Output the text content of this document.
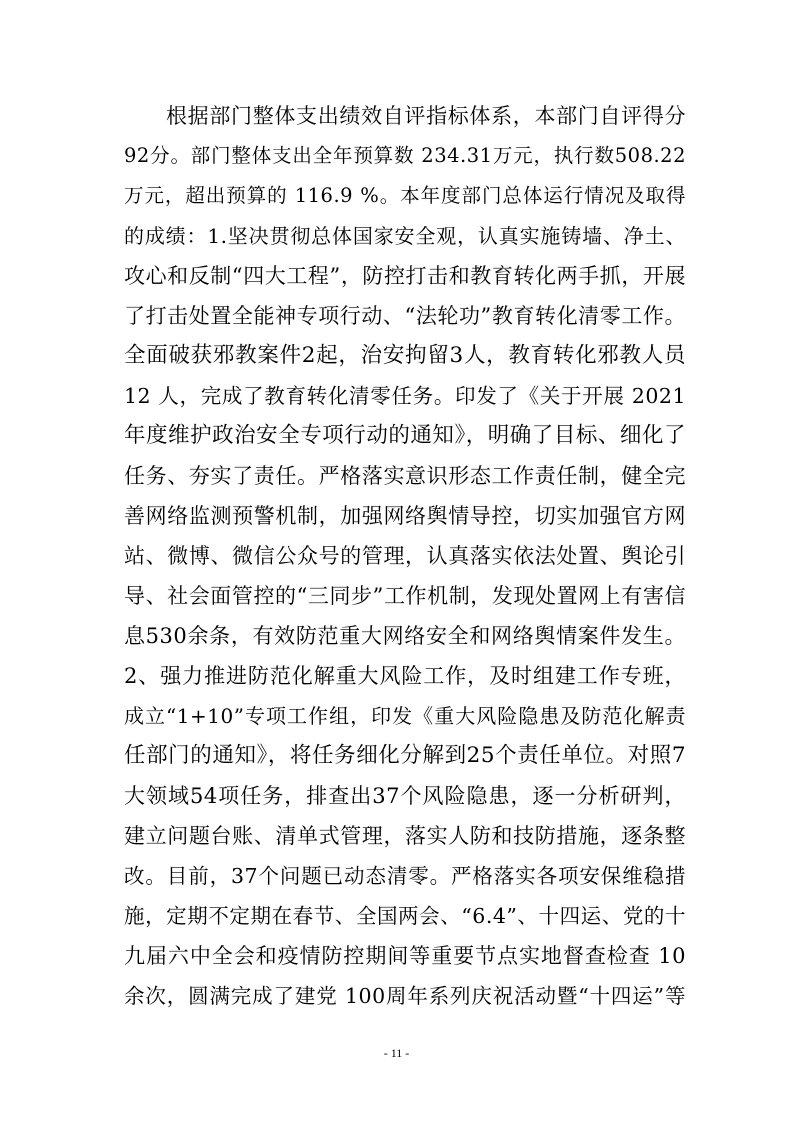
根据部门整体支出绩效自评指标体系，本部门自评得分
92分。部门整体支出全年预算数 234.31万元，执行数508.22
万元，超出预算的 116.9 %。本年度部门总体运行情况及取得
的成绩：1.坚决贯彻总体国家安全观，认真实施铸墙、净土、
攻心和反制“四大工程”，防控打击和教育转化两手抓，开展
了打击处置全能神专项行动、“法轮功”教育转化清零工作。
全面破获邪教案件2起，治安拘留3人，教育转化邪教人员
12 人，完成了教育转化清零任务。印发了《关于开展 2021
年度维护政治安全专项行动的通知》，明确了目标、细化了
任务、夯实了责任。严格落实意识形态工作责任制，健全完
善网络监测预警机制，加强网络舆情导控，切实加强官方网
站、微博、微信公众号的管理，认真落实依法处置、舆论引
导、社会面管控的“三同步”工作机制，发现处置网上有害信
息530余条，有效防范重大网络安全和网络舆情案件发生。
2、强力推进防范化解重大风险工作，及时组建工作专班，
成立“1+10”专项工作组，印发《重大风险隐患及防范化解责
任部门的通知》，将任务细化分解到25个责任单位。对照7
大领域54项任务，排查出37个风险隐患，逐一分析研判，
建立问题台账、清单式管理，落实人防和技防措施，逐条整
改。目前，37个问题已动态清零。严格落实各项安保维稳措
施，定期不定期在春节、全国两会、“6.4”、十四运、党的十
九届六中全会和疫情防控期间等重要节点实地督查检查 10
余次，圆满完成了建党 100周年系列庆祝活动暨“十四运”等
- 11 -
